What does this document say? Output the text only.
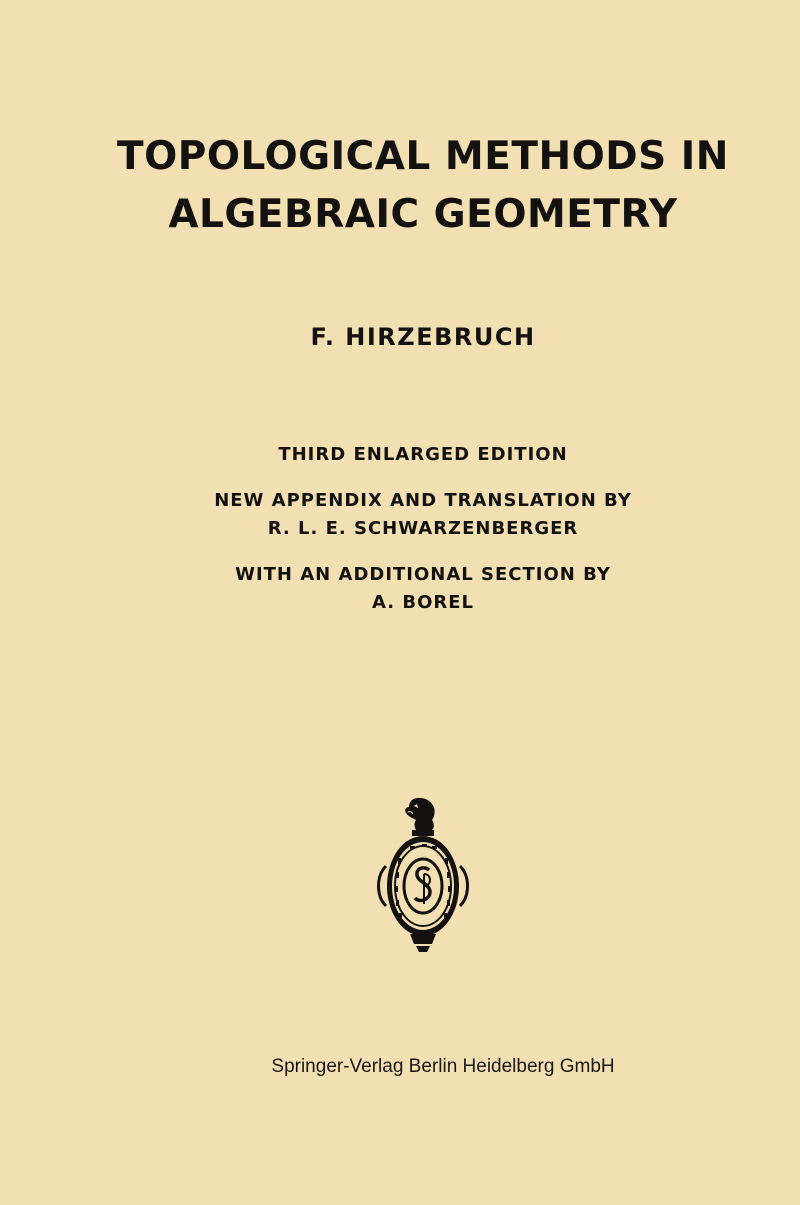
TOPOLOGICAL METHODS IN
ALGEBRAIC GEOMETRY
F. HIRZEBRUCH
THIRD ENLARGED EDITION
NEW APPENDIX AND TRANSLATION BY
R. L. E. SCHWARZENBERGER
WITH AN ADDITIONAL SECTION BY
A. BOREL
Springer-Verlag Berlin Heidelberg GmbH
